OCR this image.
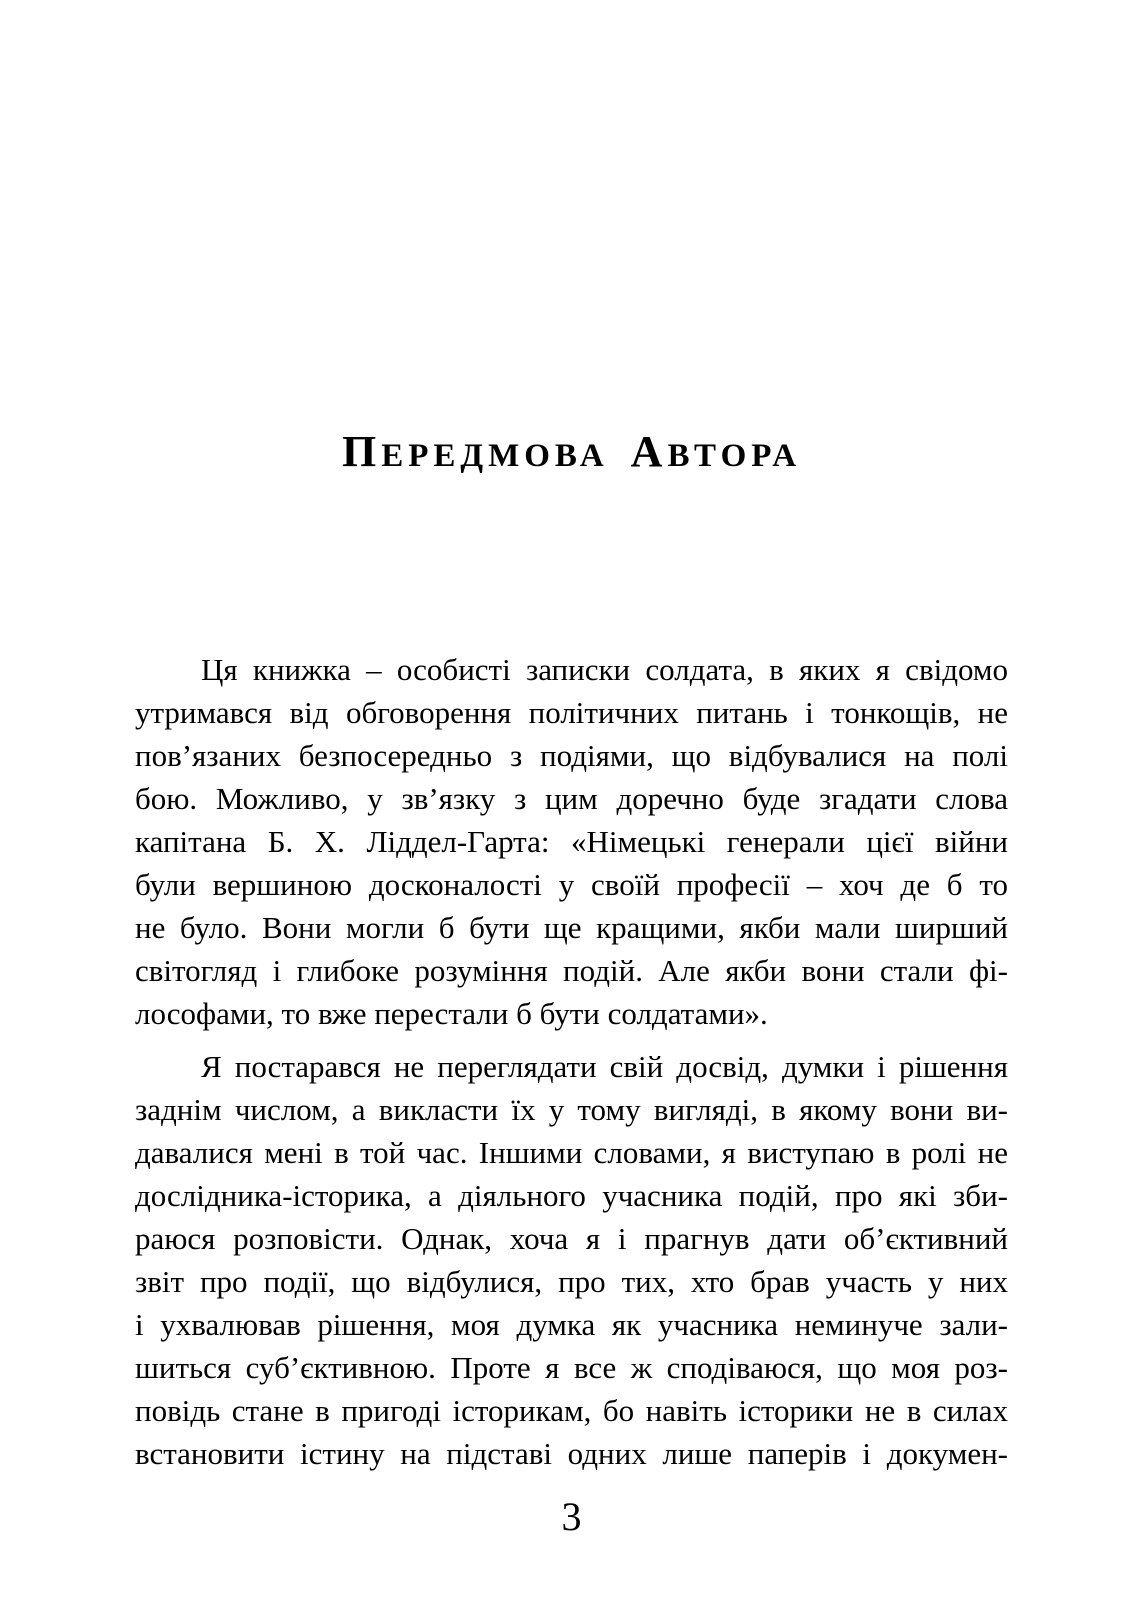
ПЕРЕДМОВА АВТОРА
Ця книжка – особисті записки солдата, в яких я свідомо
утримався від обговорення політичних питань і тонкощів, не
пов’язаних безпосередньо з подіями, що відбувалися на полі
бою. Можливо, у зв’язку з цим доречно буде згадати слова
капітана Б. Х. Ліддел-Гарта: «Німецькі генерали цієї війни
були вершиною досконалості у своїй професії – хоч де б то
не було. Вони могли б бути ще кращими, якби мали ширший
світогляд і глибоке розуміння подій. Але якби вони стали фі-
лософами, то вже перестали б бути солдатами».
Я постарався не переглядати свій досвід, думки і рішення
заднім числом, а викласти їх у тому вигляді, в якому вони ви-
давалися мені в той час. Іншими словами, я виступаю в ролі не
дослідника-історика, а діяльного учасника подій, про які зби-
раюся розповісти. Однак, хоча я і прагнув дати об’єктивний
звіт про події, що відбулися, про тих, хто брав участь у них
і ухвалював рішення, моя думка як учасника неминуче зали-
шиться суб’єктивною. Проте я все ж сподіваюся, що моя роз-
повідь стане в пригоді історикам, бо навіть історики не в силах
встановити істину на підставі одних лише паперів і докумен-
3
